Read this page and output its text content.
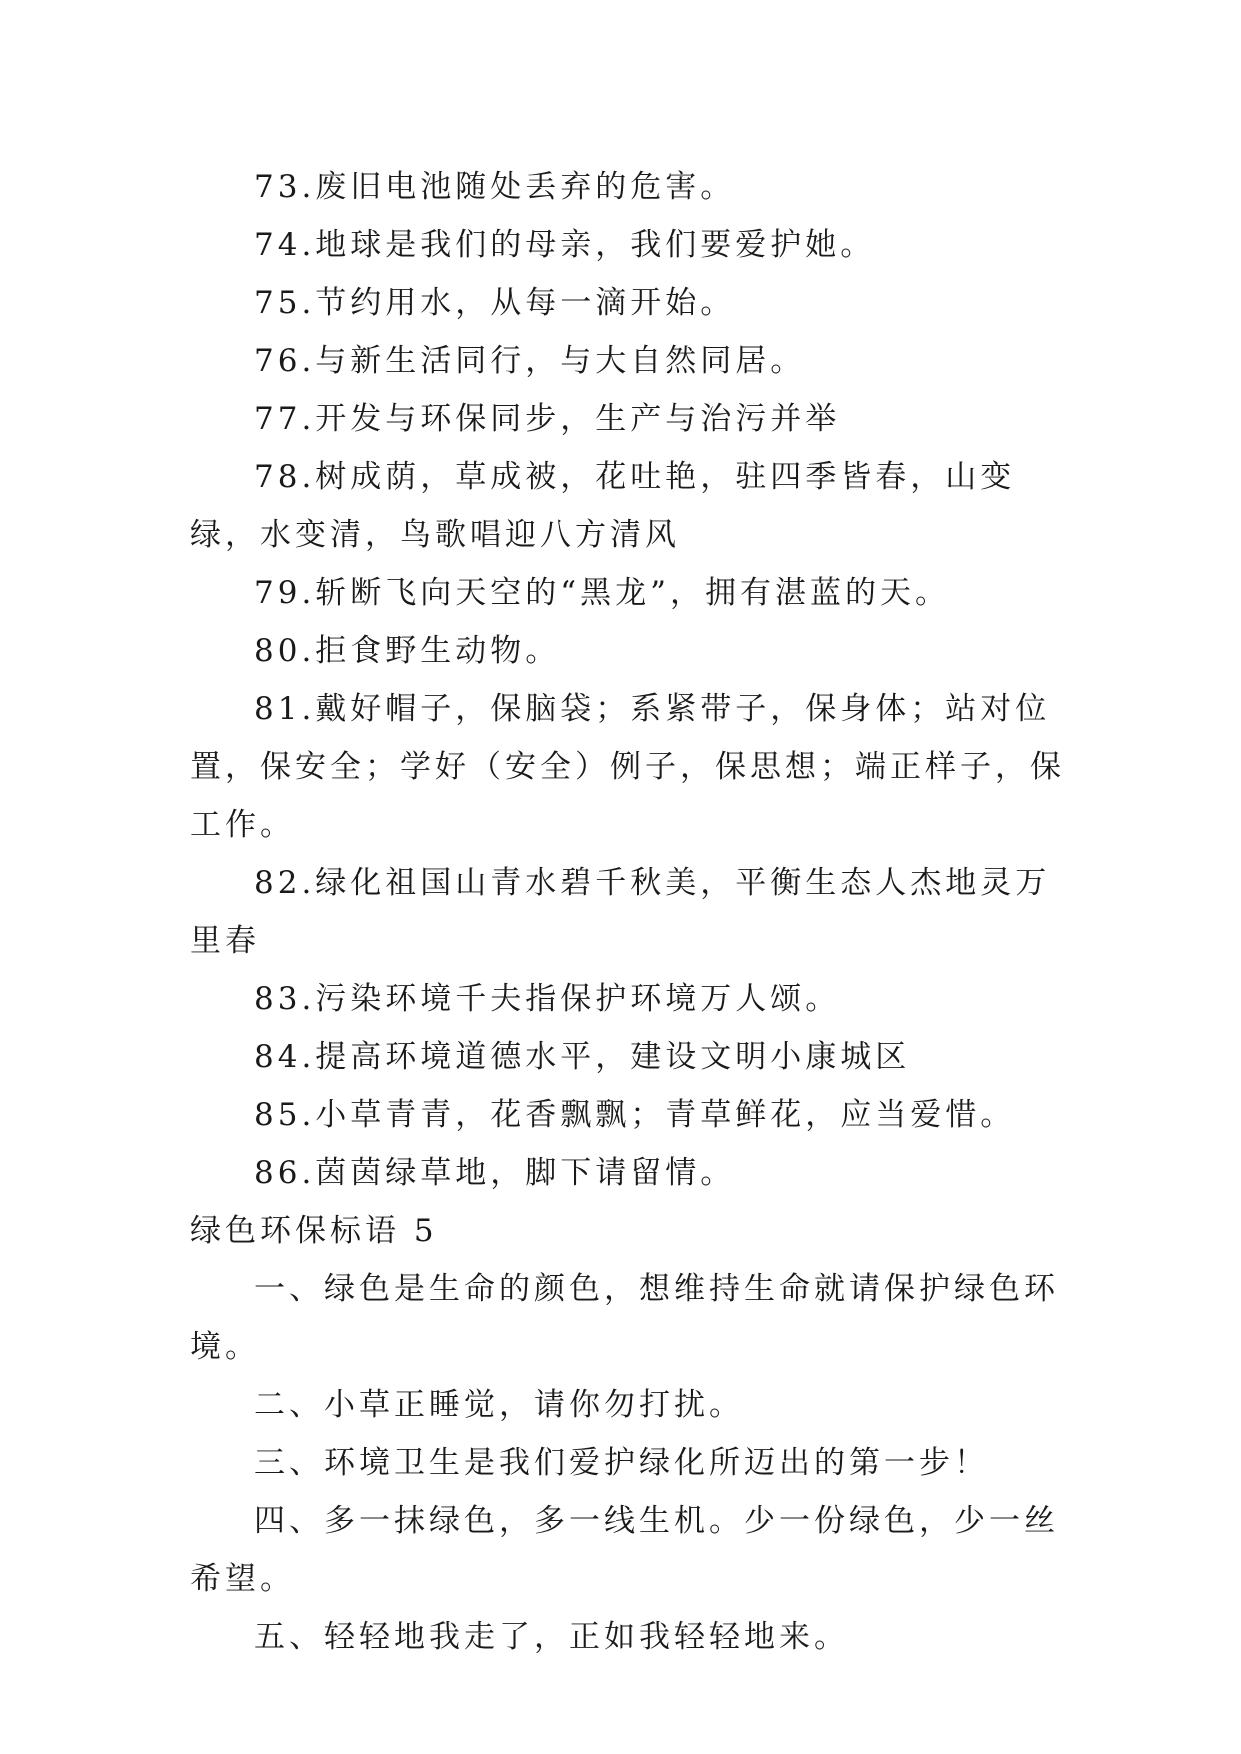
73.废旧电池随处丢弃的危害。

74.地球是我们的母亲，我们要爱护她。

75.节约用水，从每一滴开始。

76.与新生活同行，与大自然同居。

77.开发与环保同步，生产与治污并举

78.树成荫，草成被，花吐艳，驻四季皆春，山变绿，水变清，鸟歌唱迎八方清风

79.斩断飞向天空的“黑龙”，拥有湛蓝的天。

80.拒食野生动物。

81.戴好帽子，保脑袋；系紧带子，保身体；站对位置，保安全；学好（安全）例子，保思想；端正样子，保工作。

82.绿化祖国山青水碧千秋美，平衡生态人杰地灵万里春

83.污染环境千夫指保护环境万人颂。

84.提高环境道德水平，建设文明小康城区

85.小草青青，花香飘飘；青草鲜花，应当爱惜。

86.茵茵绿草地，脚下请留情。

绿色环保标语 5

一、绿色是生命的颜色，想维持生命就请保护绿色环境。

二、小草正睡觉，请你勿打扰。

三、环境卫生是我们爱护绿化所迈出的第一步！

四、多一抹绿色，多一线生机。少一份绿色，少一丝希望。

五、轻轻地我走了，正如我轻轻地来。
